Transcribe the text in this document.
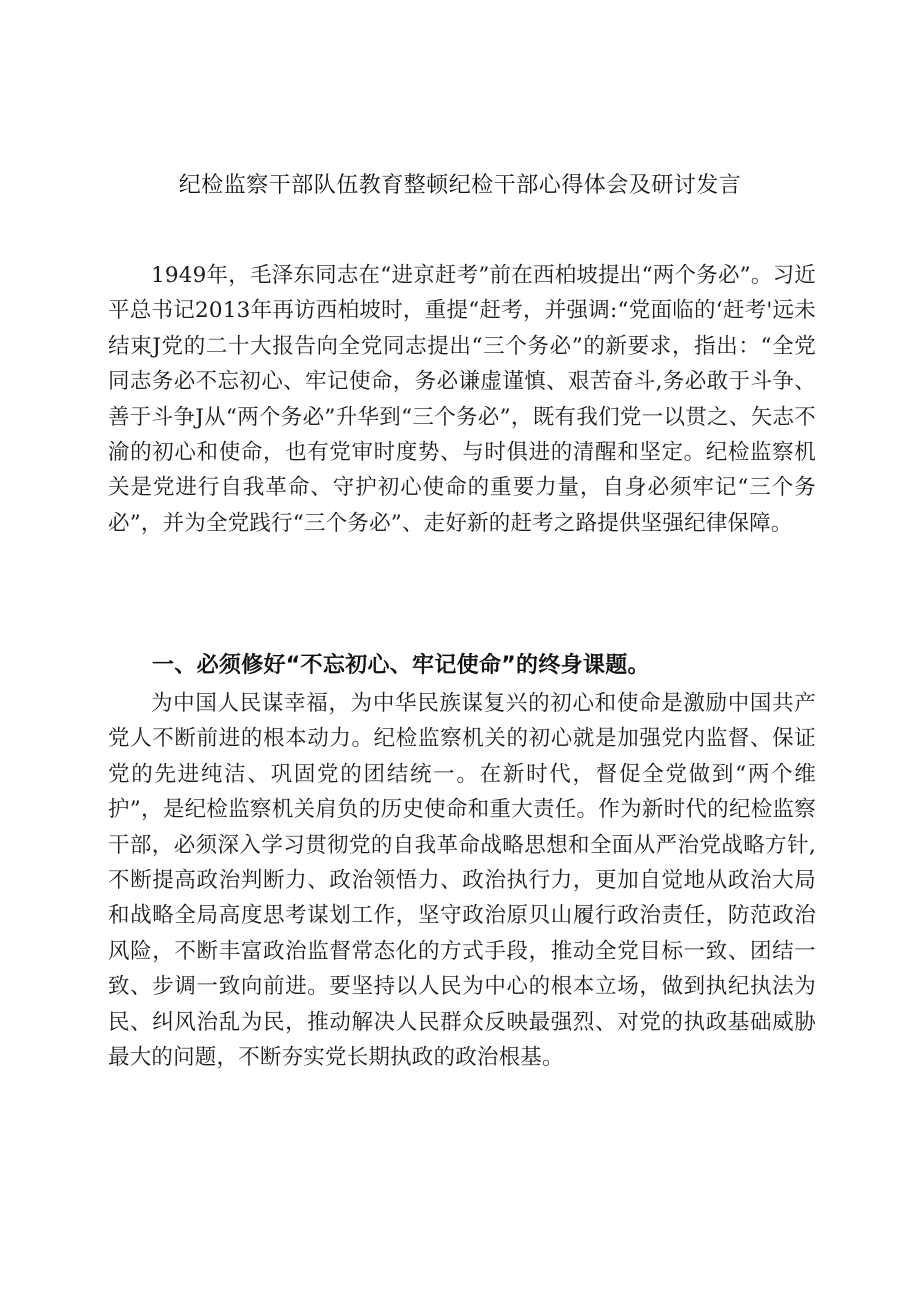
纪检监察干部队伍教育整顿纪检干部心得体会及研讨发言

1949年，毛泽东同志在“进京赶考”前在西柏坡提出“两个务必”。习近平总书记2013年再访西柏坡时，重提“赶考，并强调:“党面临的‘赶考'远未结束J党的二十大报告向全党同志提出“三个务必”的新要求，指出：“全党同志务必不忘初心、牢记使命，务必谦虚谨慎、艰苦奋斗,务必敢于斗争、善于斗争J从“两个务必”升华到“三个务必”，既有我们党一以贯之、矢志不渝的初心和使命，也有党审时度势、与时俱进的清醒和坚定。纪检监察机关是党进行自我革命、守护初心使命的重要力量，自身必须牢记“三个务必”，并为全党践行“三个务必”、走好新的赶考之路提供坚强纪律保障。

一、必须修好“不忘初心、牢记使命”的终身课题。

为中国人民谋幸福，为中华民族谋复兴的初心和使命是激励中国共产党人不断前进的根本动力。纪检监察机关的初心就是加强党内监督、保证党的先进纯洁、巩固党的团结统一。在新时代，督促全党做到“两个维护”，是纪检监察机关肩负的历史使命和重大责任。作为新时代的纪检监察干部，必须深入学习贯彻党的自我革命战略思想和全面从严治党战略方针,不断提高政治判断力、政治领悟力、政治执行力，更加自觉地从政治大局和战略全局高度思考谋划工作，坚守政治原贝山履行政治责任，防范政治风险，不断丰富政治监督常态化的方式手段，推动全党目标一致、团结一致、步调一致向前进。要坚持以人民为中心的根本立场，做到执纪执法为民、纠风治乱为民，推动解决人民群众反映最强烈、对党的执政基础威胁最大的问题，不断夯实党长期执政的政治根基。
